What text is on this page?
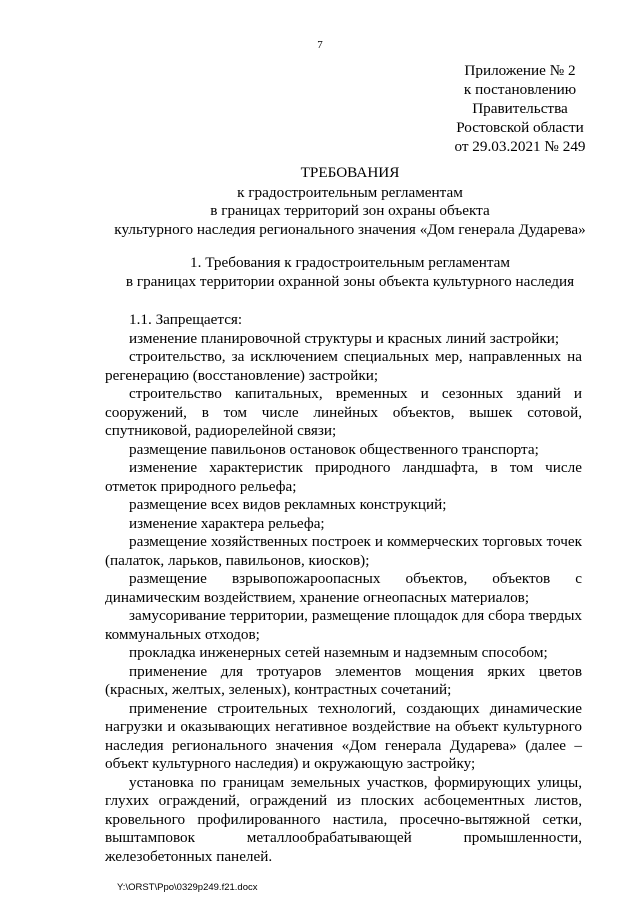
7
Приложение № 2
к постановлению
Правительства
Ростовской области
от 29.03.2021 № 249
ТРЕБОВАНИЯ
к градостроительным регламентам
в границах территорий зон охраны объекта
культурного наследия регионального значения «Дом генерала Дударева»
1. Требования к градостроительным регламентам
в границах территории охранной зоны объекта культурного наследия

1.1. Запрещается:

изменение планировочной структуры и красных линий застройки;

строительство, за исключением специальных мер, направленных на регенерацию (восстановление) застройки;

строительство капитальных, временных и сезонных зданий и сооружений, в том числе линейных объектов, вышек сотовой, спутниковой, радиорелейной связи;

размещение павильонов остановок общественного транспорта;

изменение характеристик природного ландшафта, в том числе отметок природного рельефа;

размещение всех видов рекламных конструкций;

изменение характера рельефа;

размещение хозяйственных построек и коммерческих торговых точек (палаток, ларьков, павильонов, киосков);

размещение взрывопожароопасных объектов, объектов с динамическим воздействием, хранение огнеопасных материалов;

замусоривание территории, размещение площадок для сбора твердых коммунальных отходов;

прокладка инженерных сетей наземным и надземным способом;

применение для тротуаров элементов мощения ярких цветов (красных, желтых, зеленых), контрастных сочетаний;

применение строительных технологий, создающих динамические нагрузки и оказывающих негативное воздействие на объект культурного наследия регионального значения «Дом генерала Дударева» (далее – объект культурного наследия) и окружающую застройку;

установка по границам земельных участков, формирующих улицы, глухих ограждений, ограждений из плоских асбоцементных листов, кровельного профилированного настила, просечно-вытяжной сетки, выштамповок металлообрабатывающей промышленности, железобетонных панелей.

Y:\ORST\Ppo\0329p249.f21.docx
